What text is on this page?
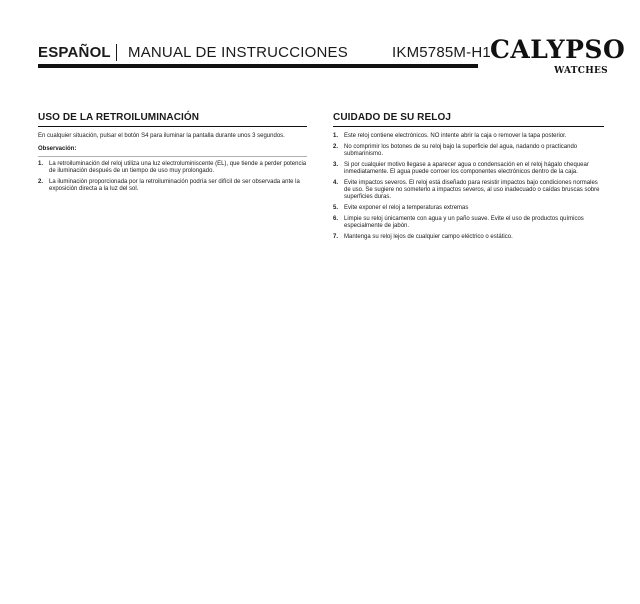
ESPAÑOL MANUAL DE INSTRUCCIONES	IKM5785M-H1 CALYPSO
WATCHES
USO DE LA RETROILUMINACIÓN

En cualquier situación, pulsar el botón S4 para iluminar la pantalla durante unos 3 segundos.

Observación:
1. La retroiluminación del reloj utiliza una luz electroluminiscente (EL), que tiende a perder potencia de iluminación después de un tiempo de uso muy prolongado.
2. La iluminación proporcionada por la retroiluminación podría ser difícil de ser observada ante la exposición directa a la luz del sol.
CUIDADO DE SU RELOJ
1. Este reloj contiene electrónicos. NO intente abrir la caja o remover la tapa posterior.
2. No comprimir los botones de su reloj bajo la superficie del agua, nadando o practicando submarinismo.
3. Si por cualquier motivo llegase a aparecer agua o condensación en el reloj hágalo chequear inmediatamente. El agua puede corroer los componentes electrónicos dentro de la caja.
4. Evite impactos severos. El reloj está diseñado para resistir impactos bajo condiciones normales de uso. Se sugiere no someterlo a impactos severos, al uso inadecuado o caídas bruscas sobre superficies duras.
5. Evite exponer el reloj a temperaturas extremas
6. Limpie su reloj únicamente con agua y un paño suave. Evite el uso de productos químicos especialmente de jabón.
7. Mantenga su reloj lejos de cualquier campo eléctrico o estático.
